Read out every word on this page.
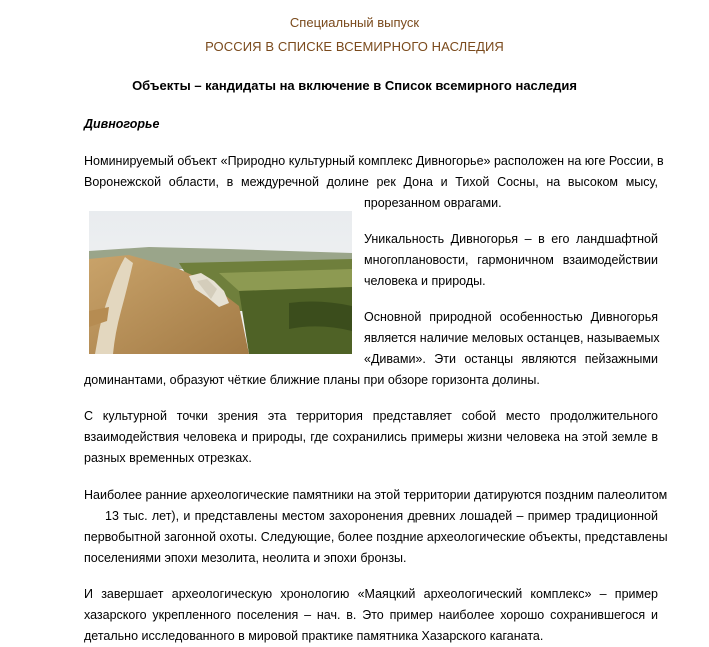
Специальный выпуск
РОССИЯ В СПИСКЕ ВСЕМИРНОГО НАСЛЕДИЯ
Объекты – кандидаты на включение в Список всемирного наследия
Дивногорье
Номинируемый объект «Природно культурный комплекс Дивногорье» расположен на юге России, в
Воронежской области, в междуречной долине рек Дона и Тихой Сосны, на высоком мысу,
прорезанном оврагами.
Уникальность Дивногорья – в его ландшафтной
многоплановости, гармоничном взаимодействии
человека и природы.
Основной природной особенностью Дивногорья
является наличие меловых останцев, называемых
«Дивами». Эти останцы являются пейзажными
доминантами, образуют чёткие ближние планы при обзоре горизонта долины.
С культурной точки зрения эта территория представляет собой место продолжительного
взаимодействия человека и природы, где сохранились примеры жизни человека на этой земле в
разных временных отрезках.
Наиболее ранние археологические памятники на этой территории датируются поздним палеолитом
13 тыс. лет), и представлены местом захоронения древних лошадей – пример традиционной
первобытной загонной охоты. Следующие, более поздние археологические объекты, представлены
поселениями эпохи мезолита, неолита и эпохи бронзы.
И завершает археологическую хронологию «Маяцкий археологический комплекс» – пример
хазарского укрепленного поселения – нач. в. Это пример наиболее хорошо сохранившегося и
детально исследованного в мировой практике памятника Хазарского каганата.
